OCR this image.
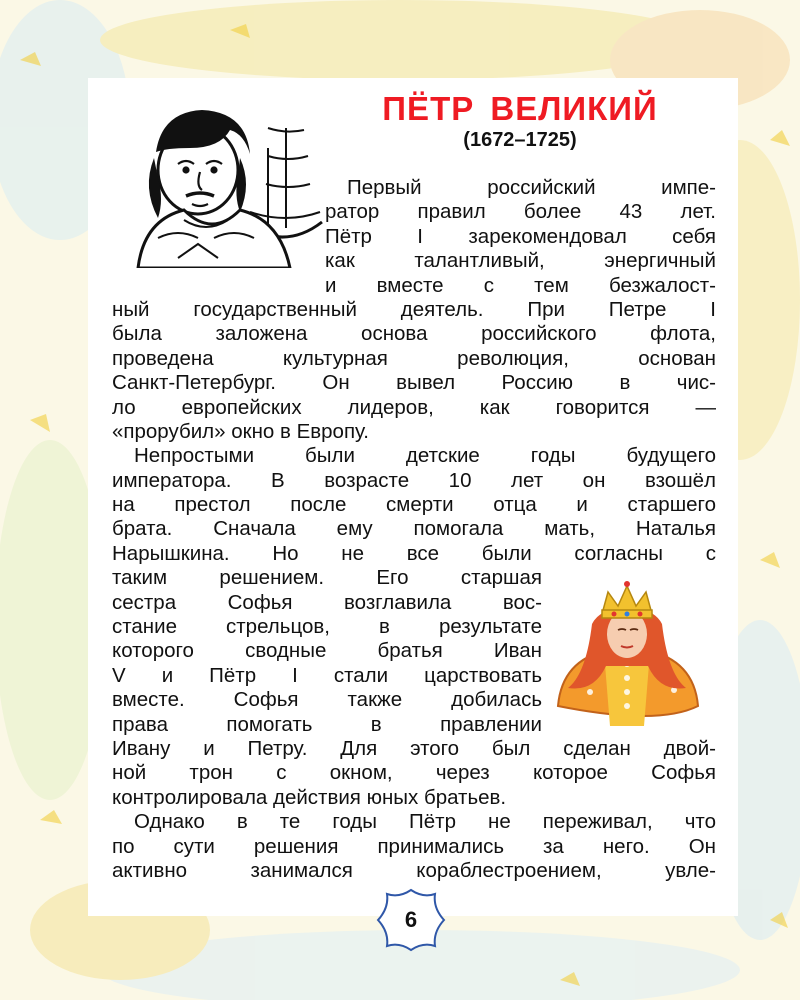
ПЁТР ВЕЛИКИЙ
(1672–1725)
Первый российский импе-
ратор правил более 43 лет.
Пётр I зарекомендовал себя
как талантливый, энергичный
и вместе с тем безжалост-
ный государственный деятель. При Петре I
была заложена основа российского флота,
проведена культурная революция, основан
Санкт-Петербург. Он вывел Россию в чис-
ло европейских лидеров, как говорится —
«прорубил» окно в Европу.
Непростыми были детские годы будущего
императора. В возрасте 10 лет он взошёл
на престол после смерти отца и старшего
брата. Сначала ему помогала мать, Наталья
Нарышкина. Но не все были согласны с
таким решением. Его старшая
сестра Софья возглавила вос-
стание стрельцов, в результате
которого сводные братья Иван
V и Пётр I стали царствовать
вместе. Софья также добилась
права помогать в правлении
Ивану и Петру. Для этого был сделан двой-
ной трон с окном, через которое Софья
контролировала действия юных братьев.
Однако в те годы Пётр не переживал, что
по сути решения принимались за него. Он
активно занимался кораблестроением, увле-
6
